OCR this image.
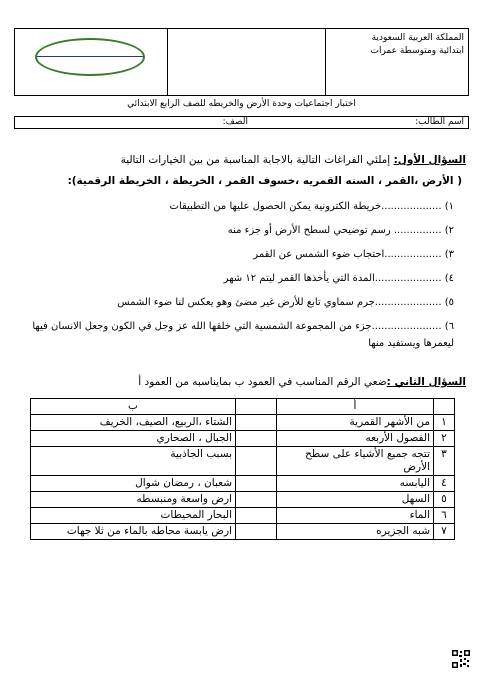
المملكة العربية السعودية
ابتدائية ومتوسطة عمرات
اختبار اجتماعيات وحدة الأرض والخريطه للصف الرابع الابتدائي
اسم الطالب:
الصف:
السؤال الأول: إملئي الفراغات التالية بالاجابة المناسبة من بين الخيارات التالية
( الأرض ،القمر ، السنه القمريه ،خسوف القمر ، الخريطة ، الخريطة الرقمية):
١) ...................خريطة الكترونية يمكن الحصول عليها من التطبيقات
٢) ............... رسم توضيحي لسطح الأرض أو جزء منه
٣) ..................احتجاب ضوء الشمس عن القمر
٤) .....................المدة التي يأخذها القمر ليتم ١٢ شهر
٥) .....................جرم سماوي تابع للأرض غير مضئ وهو يعكس لنا ضوء الشمس
٦) ......................جزء من المجموعة الشمسية التي خلقها الله عز وجل في الكون وجعل الانسان فيها
ليعمرها ويستفيد منها
السؤال الثاني :ضعي الرقم المناسب في العمود ب بمايناسبه من العمود أ
	أ		ب
١	من الأشهر القمرية		الشتاء ،الربيع، الصيف، الخريف
٢	الفصول الأربعه		الجبال ، الصحاري
٣	تتجه جميع الأشياء على سطح الأرض		بسبب الجاذبية
٤	اليابسه		شعبان ، رمضان شوال
٥	السهل		ارض واسعة ومنبسطه
٦	الماء		البحار المحيطات
٧	شبه الجزيره		ارض يابسة محاطه بالماء من ثلا جهات
